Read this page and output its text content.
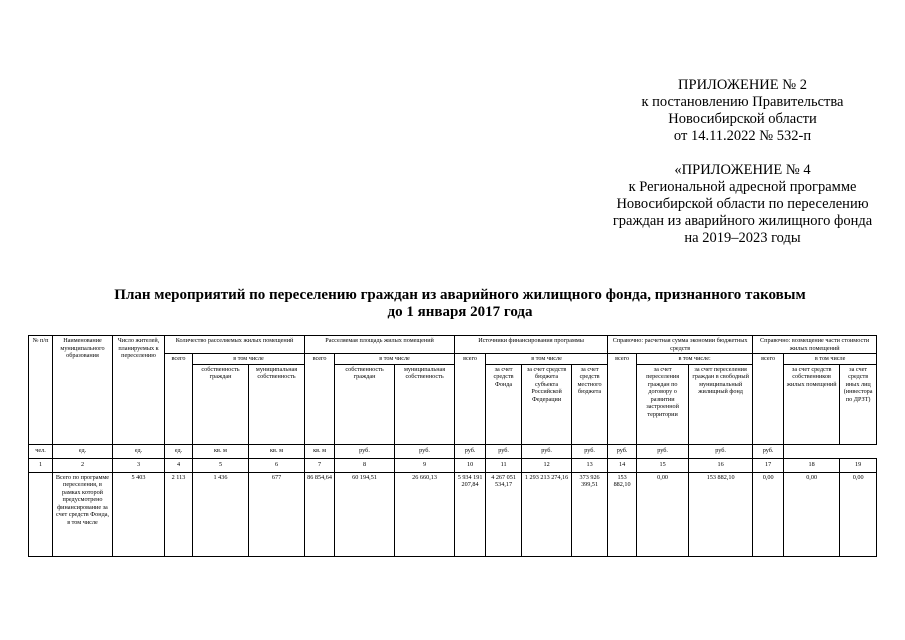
ПРИЛОЖЕНИЕ № 2
к постановлению Правительства
Новосибирской области
от 14.11.2022 № 532-п
«ПРИЛОЖЕНИЕ № 4
к Региональной адресной программе
Новосибирской области по переселению
граждан из аварийного жилищного фонда
на 2019–2023 годы
План мероприятий по переселению граждан из аварийного жилищного фонда, признанного таковым
до 1 января 2017 года
№ п/п	Наименование муниципального образования	Число жителей, планируемых к переселению	Количество расселяемых жилых помещений			Расселяемая площадь жилых помещений			Источники финансирования программы				Справочно: расчетная сумма экономии бюджетных средств			Справочно: возмещение части стоимости жилых помещений		
			всего	в том числе		всего	в том числе		всего	в том числе			всего	в том числе:		всего	в том числе	
				собственность граждан	муниципальная собственность		собственность граждан	муниципальная собственность		за счет средств Фонда	за счет средств бюджета субъекта Российской Федерации	за счет средств местного бюджета		за счет переселения граждан по договору о развитии застроенной территории	за счет переселения граждан в свободный муниципальный жилищный фонд		за счет средств собственников жилых помещений	за счет средств иных лиц (инвестора по ДРЗТ)
чел.	ед.	ед.	ед.	кв. м	кв. м	кв. м	руб.	руб.	руб.	руб.	руб.	руб.	руб.	руб.	руб.	руб.		
1	2	3	4	5	6	7	8	9	10	11	12	13	14	15	16	17	18	19
	Всего по программе переселения, в рамках которой предусмотрено финансирование за счет средств Фонда, в том числе	5 403	2 113	1 436	677	86 854,64	60 194,51	26 660,13	5 934 191 207,84	4 267 051 534,17	1 293 213 274,16	373 926 399,51	153 882,10	0,00	153 882,10	0,00	0,00	0,00
